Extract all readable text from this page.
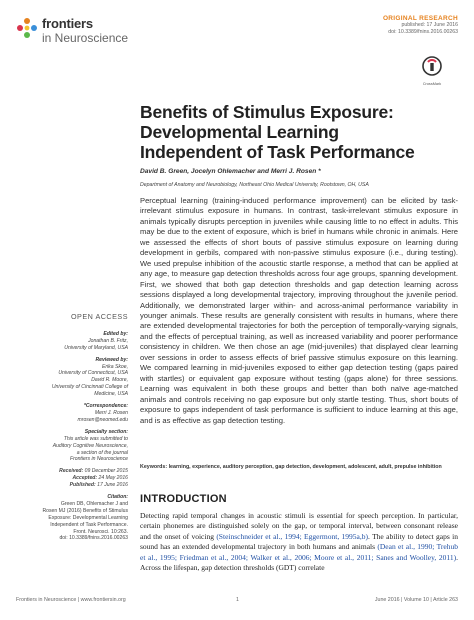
frontiers
in Neuroscience
ORIGINAL RESEARCH
published: 17 June 2016
doi: 10.3389/fnins.2016.00263
CrossMark
Benefits of Stimulus Exposure: Developmental Learning Independent of Task Performance
David B. Green, Jocelyn Ohlemacher and Merri J. Rosen *
Department of Anatomy and Neurobiology, Northeast Ohio Medical University, Rootstown, OH, USA

Perceptual learning (training-induced performance improvement) can be elicited by task-irrelevant stimulus exposure in humans. In contrast, task-irrelevant stimulus exposure in animals typically disrupts perception in juveniles while causing little to no effect in adults. This may be due to the extent of exposure, which is brief in humans while chronic in animals. Here we assessed the effects of short bouts of passive stimulus exposure on learning during development in gerbils, compared with non-passive stimulus exposure (i.e., during testing). We used prepulse inhibition of the acoustic startle response, a method that can be applied at any age, to measure gap detection thresholds across four age groups, spanning development. First, we showed that both gap detection thresholds and gap detection learning across sessions displayed a long developmental trajectory, improving throughout the juvenile period. Additionally, we demonstrated larger within- and across-animal performance variability in younger animals. These results are generally consistent with results in humans, where there are extended developmental trajectories for both the perception of temporally-varying signals, and the effects of perceptual training, as well as increased variability and poorer performance consistency in children. We then chose an age (mid-juveniles) that displayed clear learning over sessions in order to assess effects of brief passive stimulus exposure on this learning. We compared learning in mid-juveniles exposed to either gap detection testing (gaps paired with startles) or equivalent gap exposure without testing (gaps alone) for three sessions. Learning was equivalent in both these groups and better than both naïve age-matched animals and controls receiving no gap exposure but only startle testing. Thus, short bouts of exposure to gaps independent of task performance is sufficient to induce learning at this age, and is as effective as gap detection testing.

Keywords: learning, experience, auditory perception, gap detection, development, adolescent, adult, prepulse inhibition

OPEN ACCESS
Edited by:
Jonathan B. Fritz,
University of Maryland, USA
Reviewed by:
Erika Skoe,
University of Connecticut, USA
David R. Moore,
University of Cincinnati College of
Medicine, USA
*Correspondence:
Merri J. Rosen
mrosen@neomed.edu
Specialty section:
This article was submitted to
Auditory Cognitive Neuroscience,
a section of the journal
Frontiers in Neuroscience
Received: 09 December 2015
Accepted: 24 May 2016
Published: 17 June 2016
Citation:
Green DB, Ohlemacher J and
Rosen MJ (2016) Benefits of Stimulus
Exposure: Developmental Learning
Independent of Task Performance.
Front. Neurosci. 10:263.
doi: 10.3389/fnins.2016.00263
INTRODUCTION

Detecting rapid temporal changes in acoustic stimuli is essential for speech perception. In particular, certain phonemes are distinguished solely on the gap, or temporal interval, between consonant release and the onset of voicing (Steinschneider et al., 1994; Eggermont, 1995a,b). The ability to detect gaps in sound has an extended developmental trajectory in both humans and animals (Dean et al., 1990; Trehub et al., 1995; Friedman et al., 2004; Walker et al., 2006; Moore et al., 2011; Sanes and Woolley, 2011). Across the lifespan, gap detection thresholds (GDT) correlate

Frontiers in Neuroscience | www.frontiersin.org	1	June 2016 | Volume 10 | Article 263
